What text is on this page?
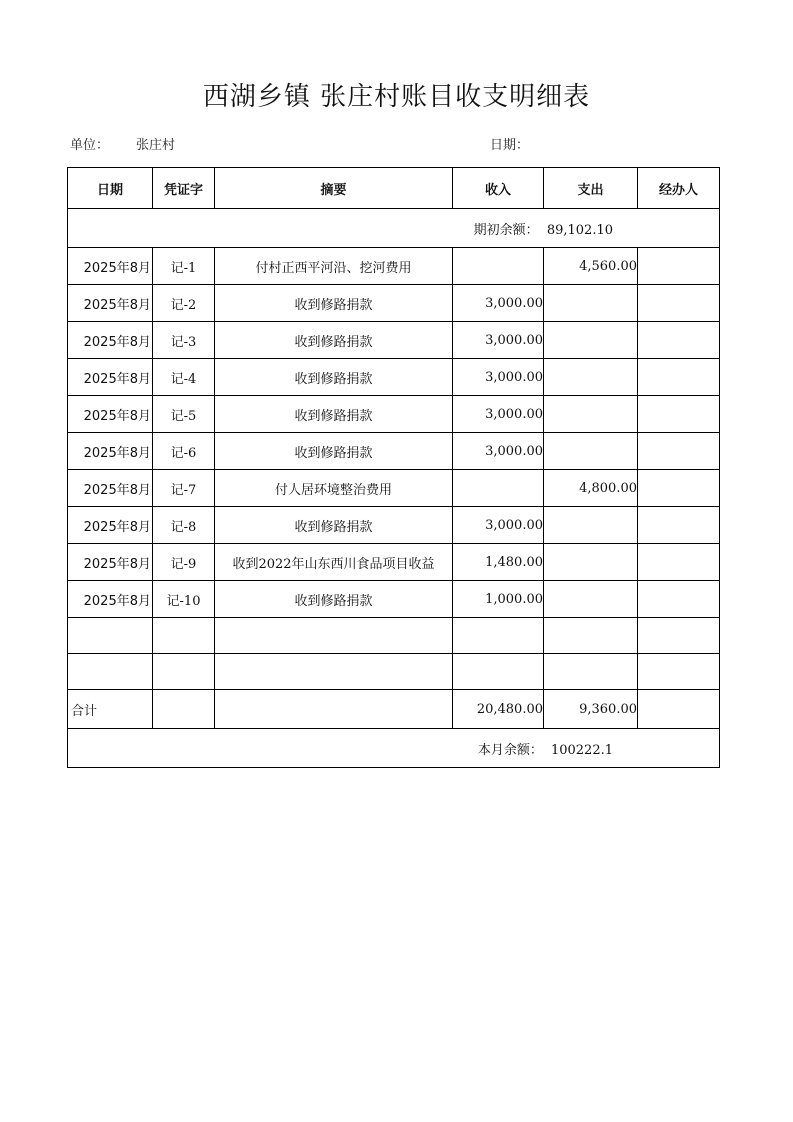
西湖乡镇 张庄村账目收支明细表
单位： 张庄村	日期：
日期	凭证字	摘要	收入	支出	经办人
期初余额： 89,102.10					
2025年8月	记-1	付村正西平河沿、挖河费用		4,560.00	
2025年8月	记-2	收到修路捐款	3,000.00		
2025年8月	记-3	收到修路捐款	3,000.00		
2025年8月	记-4	收到修路捐款	3,000.00		
2025年8月	记-5	收到修路捐款	3,000.00		
2025年8月	记-6	收到修路捐款	3,000.00		
2025年8月	记-7	付人居环境整治费用		4,800.00	
2025年8月	记-8	收到修路捐款	3,000.00		
2025年8月	记-9	收到2022年山东西川食品项目收益	1,480.00		
2025年8月	记-10	收到修路捐款	1,000.00		

合计			20,480.00	9,360.00	
本月余额： 100222.1					
